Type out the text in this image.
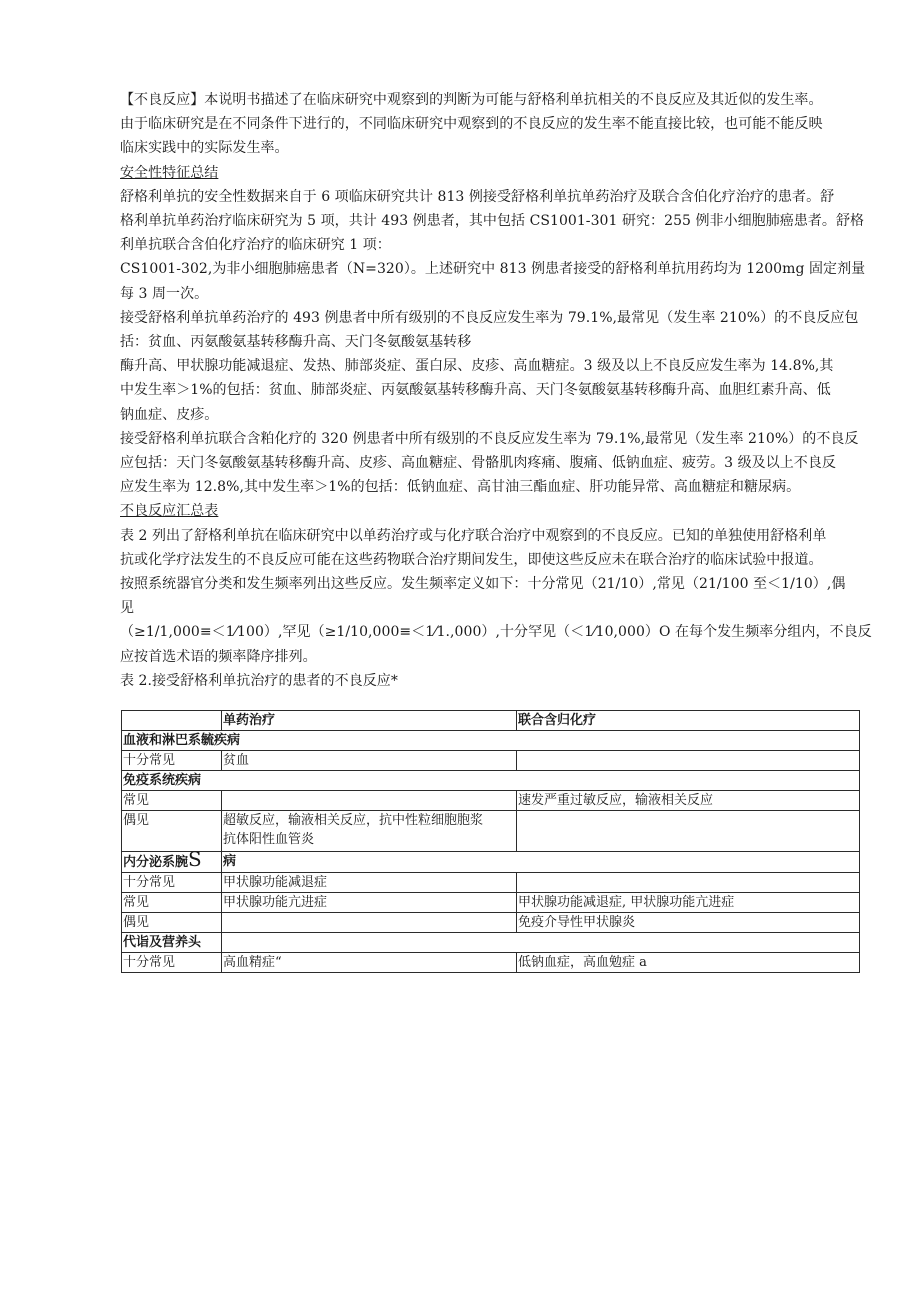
【不良反应】本说明书描述了在临床研究中观察到的判断为可能与舒格利单抗相关的不良反应及其近似的发生率。

由于临床研究是在不同条件下进行的，不同临床研究中观察到的不良反应的发生率不能直接比较，也可能不能反映

临床实践中的实际发生率。

安全性特征总结

舒格利单抗的安全性数据来自于 6 项临床研究共计 813 例接受舒格利单抗单药治疗及联合含伯化疗治疗的患者。舒

格利单抗单药治疗临床研究为 5 项，共计 493 例患者，其中包括 CS1001-301 研究：255 例非小细胞肺癌患者。舒格

利单抗联合含伯化疗治疗的临床研究 1 项：

CS1001-302,为非小细胞肺癌患者（N=320）。上述研究中 813 例患者接受的舒格利单抗用药均为 1200mg 固定剂量

每 3 周一次。

接受舒格利单抗单药治疗的 493 例患者中所有级别的不良反应发生率为 79.1%,最常见（发生率 210%）的不良反应包

括：贫血、丙氨酸氨基转移酶升高、天门冬氨酸氨基转移

酶升高、甲状腺功能减退症、发热、肺部炎症、蛋白尿、皮疹、高血糖症。3 级及以上不良反应发生率为 14.8%,其

中发生率＞1%的包括：贫血、肺部炎症、丙氨酸氨基转移酶升高、天门冬氨酸氨基转移酶升高、血胆红素升高、低

钠血症、皮疹。

接受舒格利单抗联合含粕化疗的 320 例患者中所有级别的不良反应发生率为 79.1%,最常见（发生率 210%）的不良反

应包括：天门冬氨酸氨基转移酶升高、皮疹、高血糖症、骨骼肌肉疼痛、腹痛、低钠血症、疲劳。3 级及以上不良反

应发生率为 12.8%,其中发生率＞1%的包括：低钠血症、高甘油三酯血症、肝功能异常、高血糖症和糖尿病。

不良反应汇总表

表 2 列出了舒格利单抗在临床研究中以单药治疗或与化疗联合治疗中观察到的不良反应。已知的单独使用舒格利单

抗或化学疗法发生的不良反应可能在这些药物联合治疗期间发生，即使这些反应未在联合治疗的临床试验中报道。

按照系统器官分类和发生频率列出这些反应。发生频率定义如下：十分常见（21/10）,常见（21/100 至＜1/10）,偶

见

（≥1/1,000≡＜1⁄100）,罕见（≥1/10,000≡＜1⁄1.,000）,十分罕见（＜1⁄10,000）O 在每个发生频率分组内，不良反

应按首选术语的频率降序排列。

表 2.接受舒格利单抗治疗的患者的不良反应*

	单药治疗	联合含归化疗
血液和淋巴系毓疾病		
十分常见	贫血	
免疫系统疾病		
常见		速发严重过敏反应，输液相关反应
偶见	超敏反应，输液相关反应，抗中性粒细胞胞浆
抗体阳性血管炎	

内分泌系腕S	病	
十分常见	甲状腺功能减退症	
常见	甲状腺功能亢进症	甲状腺功能减退症, 甲状腺功能亢进症
偶见		免疫介导性甲状腺炎
代诣及营养头		
十分常见	高血精症“	低钠血症，高血勉症 a
